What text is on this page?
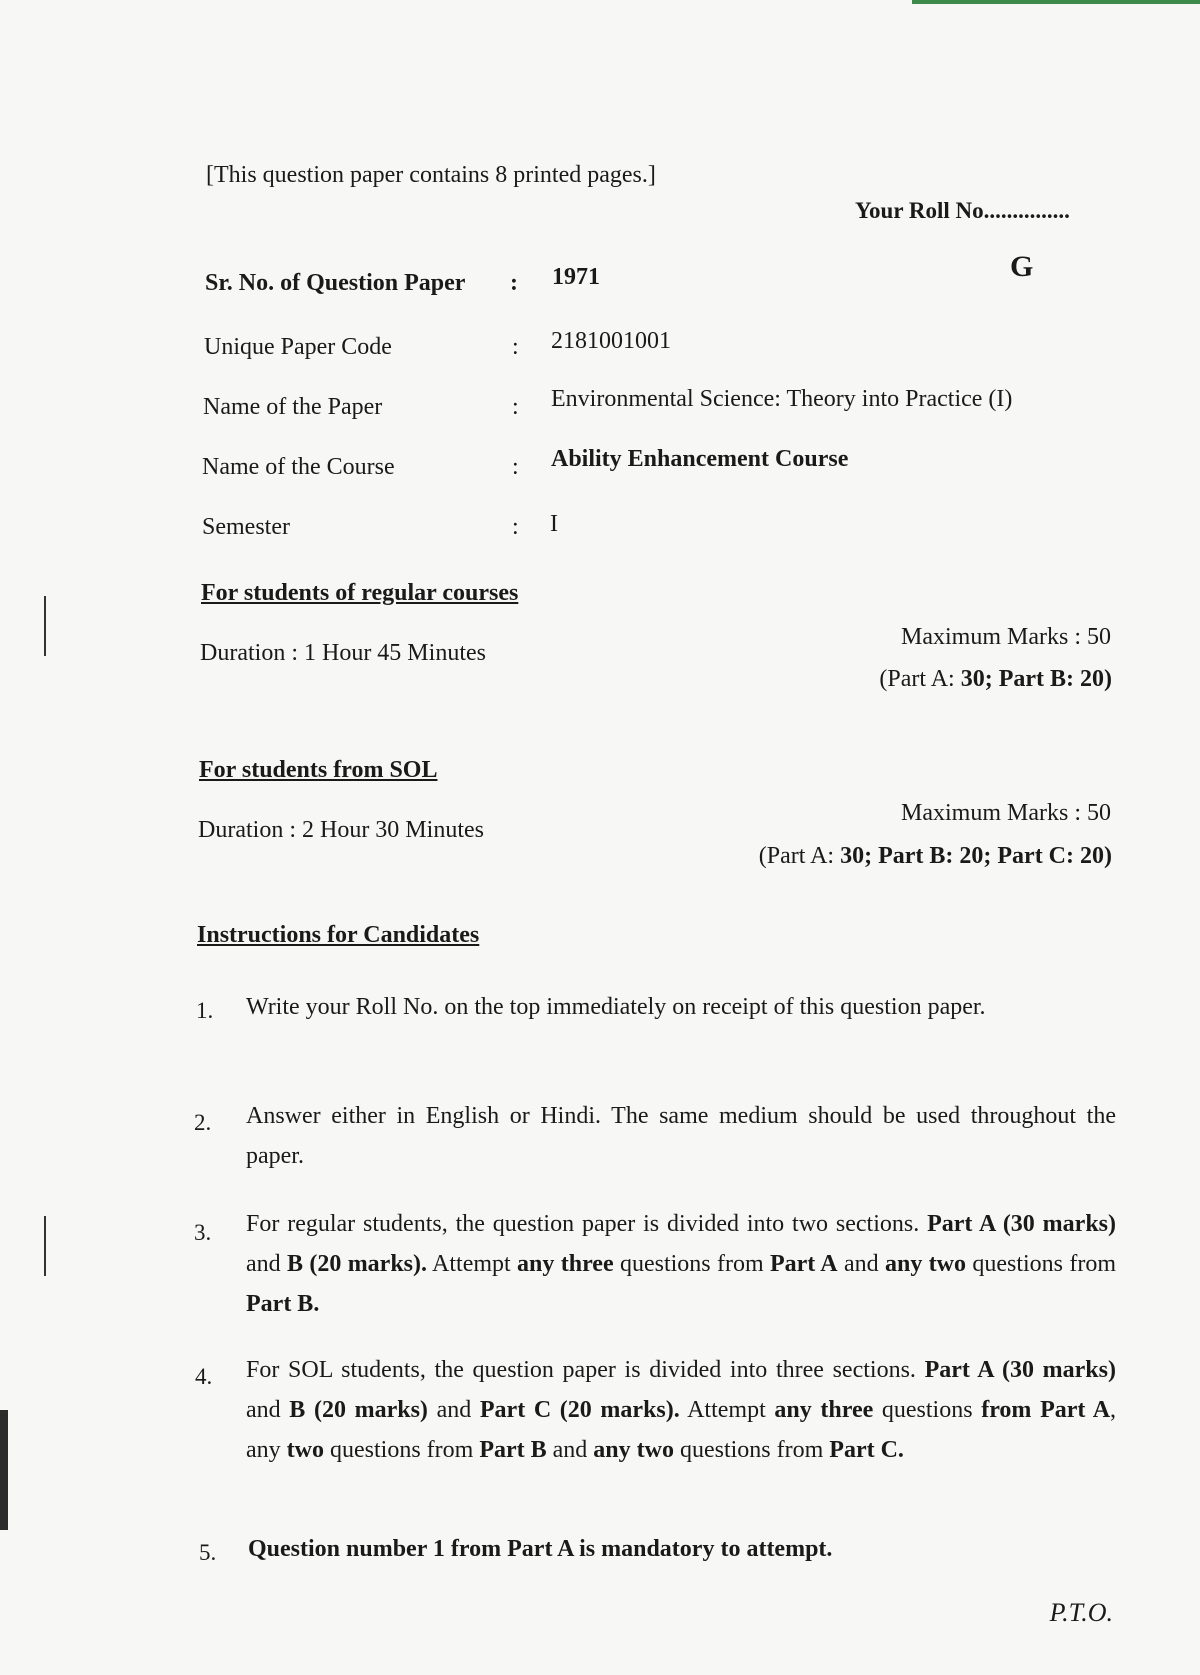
[This question paper contains 8 printed pages.]
Your Roll No...............
G
Sr. No. of Question Paper : 1971
Unique Paper Code	: 2181001001
Name of the Paper	: Environmental Science: Theory into Practice (I)
Name of the Course	: Ability Enhancement Course
Semester	: I
For students of regular courses
Duration : 1 Hour 45 Minutes
Maximum Marks : 50
(Part A: 30; Part B: 20)
For students from SOL
Duration : 2 Hour 30 Minutes
Maximum Marks : 50
(Part A: 30; Part B: 20; Part C: 20)
Instructions for Candidates
1. Write your Roll No. on the top immediately on receipt of this question paper.
2. Answer either in English or Hindi. The same medium should be used throughout the paper.
3. For regular students, the question paper is divided into two sections. Part A (30 marks) and B (20 marks). Attempt any three questions from Part A and any two questions from Part B.
4. For SOL students, the question paper is divided into three sections. Part A (30 marks) and B (20 marks) and Part C (20 marks). Attempt any three questions from Part A, any two questions from Part B and any two questions from Part C.
5. Question number 1 from Part A is mandatory to attempt.
P.T.O.
